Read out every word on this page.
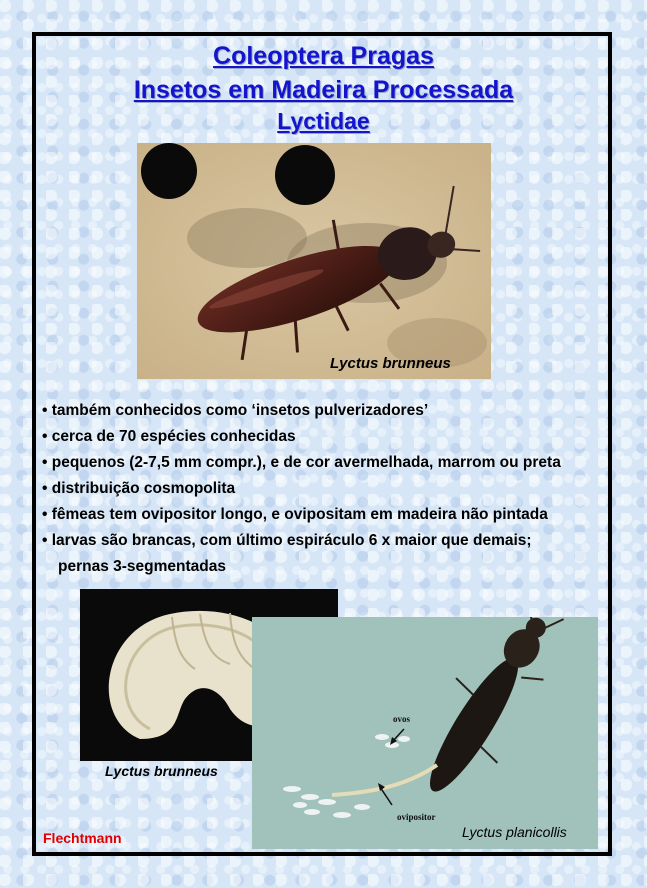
Coleoptera Pragas
Insetos em Madeira Processada
Lyctidae

Lyctus brunneus

• também conhecidos como ‘insetos pulverizadores’
• cerca de 70 espécies conhecidas
• pequenos (2-7,5 mm compr.), e de cor avermelhada, marrom ou preta
• distribuição cosmopolita
• fêmeas tem ovipositor longo, e ovipositam em madeira não pintada
• larvas são brancas, com último espiráculo 6 x maior que demais;
pernas 3-segmentadas

Lyctus brunneus

ovos

ovipositor

Lyctus planicollis

Flechtmann
